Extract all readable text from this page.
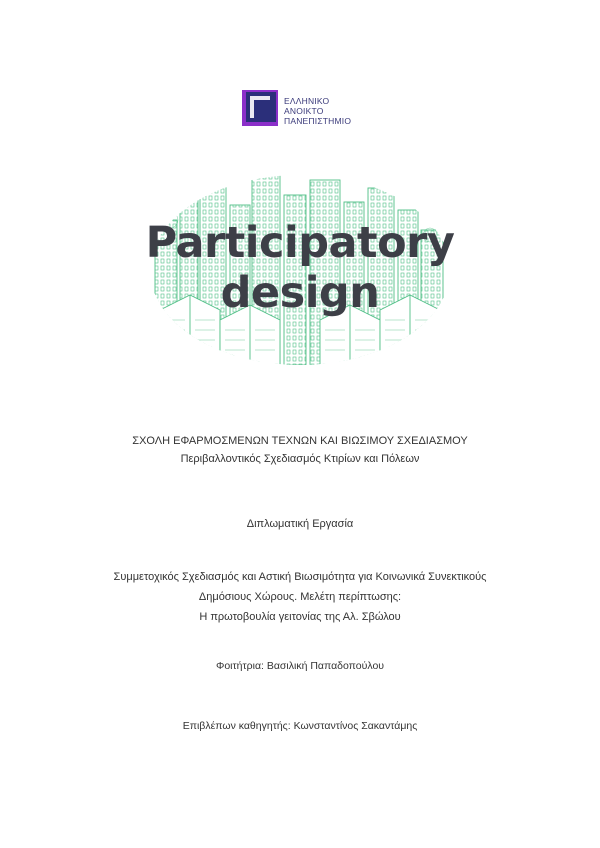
ΕΛΛΗΝΙΚΟ
ΑΝΟΙΚΤΟ
ΠΑΝΕΠΙΣΤΗΜΙΟ
Participatory
design
ΣΧΟΛΗ ΕΦΑΡΜΟΣΜΕΝΩΝ ΤΕΧΝΩΝ ΚΑΙ ΒΙΩΣΙΜΟΥ ΣΧΕΔΙΑΣΜΟΥ
Περιβαλλοντικός Σχεδιασμός Κτιρίων και Πόλεων
Διπλωματική Εργασία
Συμμετοχικός Σχεδιασμός και Αστική Βιωσιμότητα για Κοινωνικά Συνεκτικούς
Δημόσιους Χώρους. Μελέτη περίπτωσης:
Η πρωτοβουλία γειτονίας της Αλ. Σβώλου
Φοιτήτρια: Βασιλική Παπαδοπούλου
Επιβλέπων καθηγητής: Κωνσταντίνος Σακαντάμης
